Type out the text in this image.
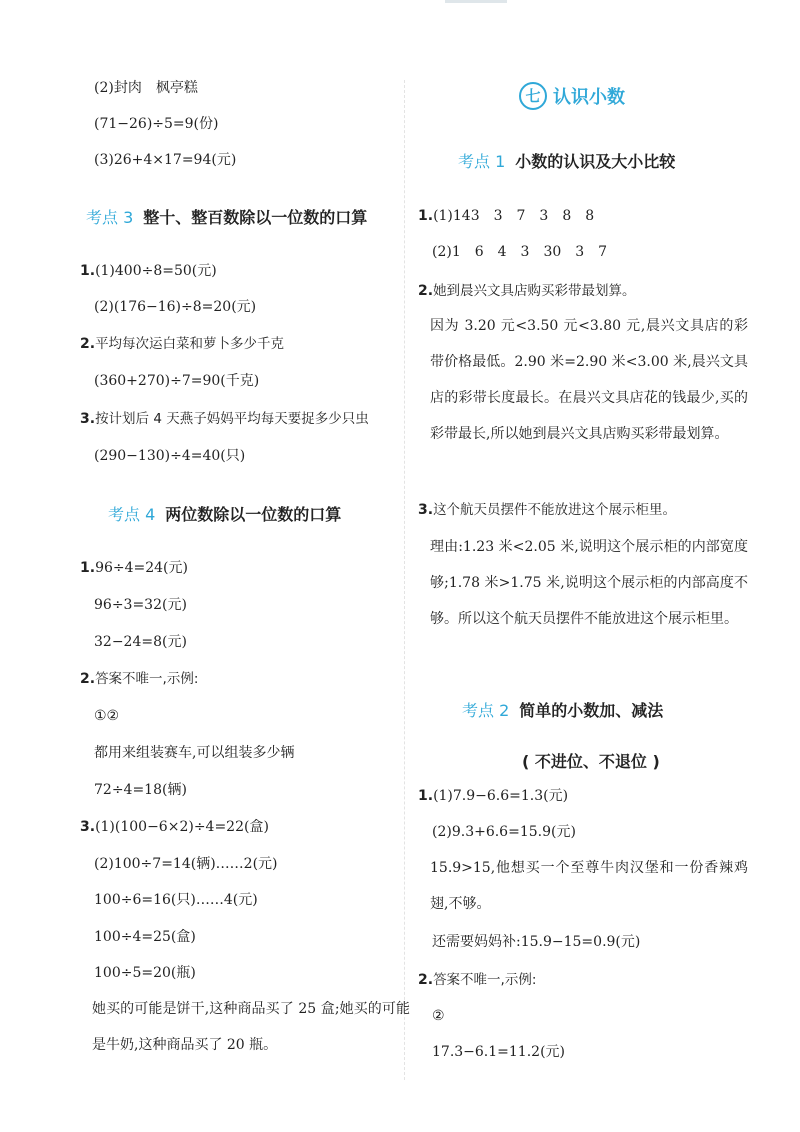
(2)封肉　枫亭糕
(71−26)÷5=9(份)
(3)26+4×17=94(元)
考点 3 整十、整百数除以一位数的口算
1.(1)400÷8=50(元)
(2)(176−16)÷8=20(元)
2.平均每次运白菜和萝卜多少千克
(360+270)÷7=90(千克)
3.按计划后 4 天燕子妈妈平均每天要捉多少只虫
(290−130)÷4=40(只)
考点 4 两位数除以一位数的口算
1.96÷4=24(元)
96÷3=32(元)
32−24=8(元)
2.答案不唯一,示例:
①②
都用来组装赛车,可以组装多少辆
72÷4=18(辆)
3.(1)(100−6×2)÷4=22(盒)
(2)100÷7=14(辆)……2(元)
100÷6=16(只)……4(元)
100÷4=25(盒)
100÷5=20(瓶)
她买的可能是饼干,这种商品买了 25 盒;她买的可能是牛奶,这种商品买了 20 瓶。
七 认识小数
考点 1 小数的认识及大小比较
1.(1)143　3　7　3　8　8
(2)1　6　4　3　30　3　7
2.她到晨兴文具店购买彩带最划算。
因为 3.20 元<3.50 元<3.80 元,晨兴文具店的彩带价格最低。2.90 米=2.90 米<3.00 米,晨兴文具店的彩带长度最长。在晨兴文具店花的钱最少,买的彩带最长,所以她到晨兴文具店购买彩带最划算。
3.这个航天员摆件不能放进这个展示柜里。
理由:1.23 米<2.05 米,说明这个展示柜的内部宽度够;1.78 米>1.75 米,说明这个展示柜的内部高度不够。所以这个航天员摆件不能放进这个展示柜里。
考点 2 简单的小数加、减法
( 不进位、不退位 )
1.(1)7.9−6.6=1.3(元)
(2)9.3+6.6=15.9(元)
15.9>15,他想买一个至尊牛肉汉堡和一份香辣鸡翅,不够。
还需要妈妈补:15.9−15=0.9(元)
2.答案不唯一,示例:
②
17.3−6.1=11.2(元)
